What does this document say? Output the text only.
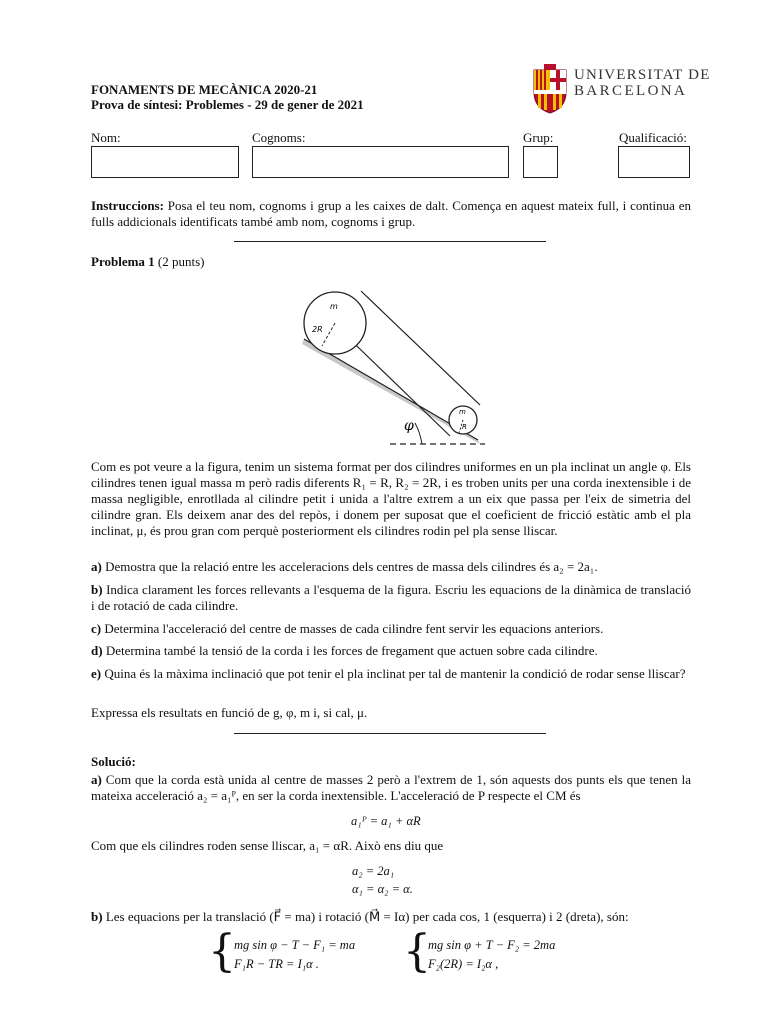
FONAMENTS DE MECÀNICA 2020-21
Prova de síntesi: Problemes - 29 de gener de 2021
UNIVERSITAT DE
BARCELONA
Nom:	Cognoms:	Grup:	Qualificació:
Instruccions: Posa el teu nom, cognoms i grup a les caixes de dalt. Comença en aquest mateix full, i continua en fulls addicionals identificats també amb nom, cognoms i grup.
Problema 1 (2 punts)
m
2R
m
R
φ
Com es pot veure a la figura, tenim un sistema format per dos cilindres uniformes en un pla inclinat un angle φ. Els cilindres tenen igual massa m però radis diferents R₁ = R, R₂ = 2R, i es troben units per una corda inextensible i de massa negligible, enrotllada al cilindre petit i unida a l'altre extrem a un eix que passa per l'eix de simetria del cilindre gran. Els deixem anar des del repòs, i donem per suposat que el coeficient de fricció estàtic amb el pla inclinat, μ, és prou gran com perquè posteriorment els cilindres rodin pel pla sense lliscar.
a) Demostra que la relació entre les acceleracions dels centres de massa dels cilindres és a₂ = 2a₁.
b) Indica clarament les forces rellevants a l'esquema de la figura. Escriu les equacions de la dinàmica de translació i de rotació de cada cilindre.
c) Determina l'acceleració del centre de masses de cada cilindre fent servir les equacions anteriors.
d) Determina també la tensió de la corda i les forces de fregament que actuen sobre cada cilindre.
e) Quina és la màxima inclinació que pot tenir el pla inclinat per tal de mantenir la condició de rodar sense lliscar?
Expressa els resultats en funció de g, φ, m i, si cal, μ.
Solució:
a) Com que la corda està unida al centre de masses 2 però a l'extrem de 1, són aquests dos punts els que tenen la mateixa acceleració a₂ = a₁ᴾ, en ser la corda inextensible. L'acceleració de P respecte el CM és
a₁ᴾ = a₁ + αR
Com que els cilindres roden sense lliscar, a₁ = αR. Això ens diu que
a₂ = 2a₁
α₁ = α₂ = α.
b) Les equacions per la translació (F⃗ = ma) i rotació (M⃗ = Iα) per cada cos, 1 (esquerra) i 2 (dreta), són:
{
mg sin φ − T − F₁ = ma
F₁R − TR = I₁α . {
mg sin φ + T − F₂ = 2ma
F₂(2R) = I₂α ,
